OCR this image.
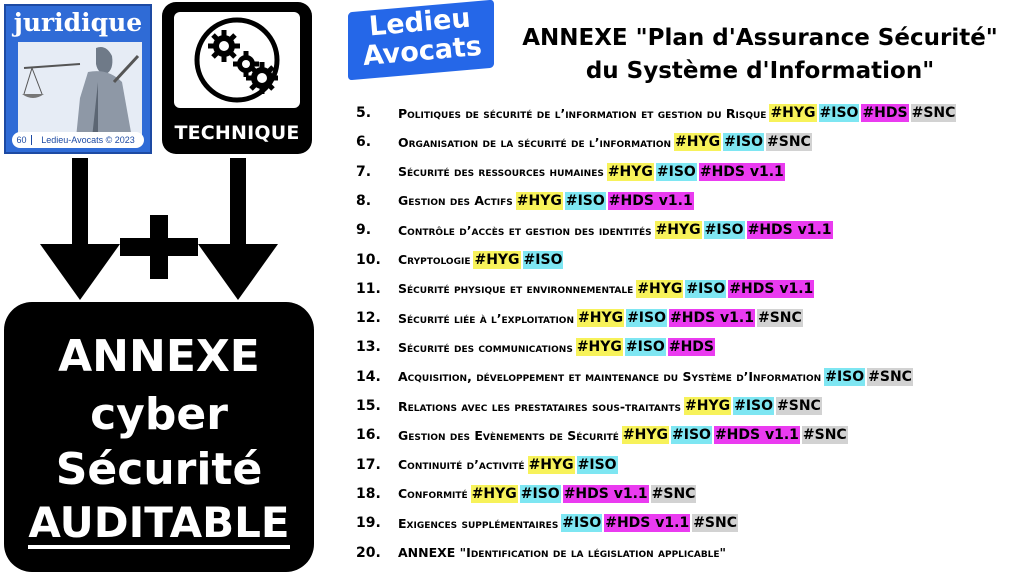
juridique
60	Ledieu-Avocats © 2023	TECHNIQUE
ANNEXE
cyber
Sécurité
AUDITABLE
Ledieu
Avocats	ANNEXE "Plan d'Assurance Sécurité"
du Système d'Information"
5.	Politiques de sécurité de l’information et gestion du Risque #HYG #ISO #HDS #SNC
6.	Organisation de la sécurité de l’information #HYG #ISO #SNC
7.	Sécurité des ressources humaines #HYG #ISO #HDS v1.1
8.	Gestion des Actifs #HYG #ISO #HDS v1.1
9.	Contrôle d’accès et gestion des identités #HYG #ISO #HDS v1.1
10.	Cryptologie #HYG #ISO
11.	Sécurité physique et environnementale #HYG #ISO #HDS v1.1
12.	Sécurité liée à l’exploitation #HYG #ISO #HDS v1.1 #SNC
13.	Sécurité des communications #HYG #ISO #HDS
14.	Acquisition, développement et maintenance du Système d’Information #ISO #SNC
15.	Relations avec les prestataires sous-traitants #HYG #ISO #SNC
16.	Gestion des Evènements de Sécurité #HYG #ISO #HDS v1.1 #SNC
17.	Continuité d’activité #HYG #ISO
18.	Conformité #HYG #ISO #HDS v1.1 #SNC
19.	Exigences supplémentaires #ISO #HDS v1.1 #SNC
20.	ANNEXE "Identification de la législation applicable"
